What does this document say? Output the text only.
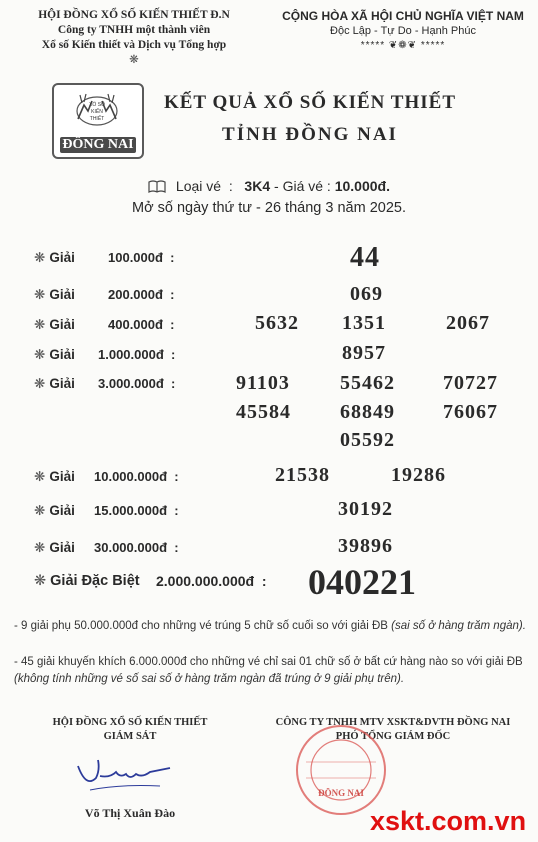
HỘI ĐỒNG XỔ SỐ KIẾN THIẾT Đ.N
Công ty TNHH một thành viên
Xổ số Kiến thiết và Dịch vụ Tổng hợp
❋
CỘNG HÒA XÃ HỘI CHỦ NGHĨA VIỆT NAM
Độc Lập - Tự Do - Hạnh Phúc
***** ❦❁❦ *****
XỔ SỐ
KIẾN
THIẾT
ĐỒNG NAI
KẾT QUẢ XỔ SỐ KIẾN THIẾT
TỈNH ĐỒNG NAI
Loại vé  :   3K4 - Giá vé : 10.000đ.
Mở số ngày thứ tư - 26 tháng 3 năm 2025.
❋ Giải	100.000đ  :	44
❋ Giải	200.000đ  :	069
❋ Giải	400.000đ  :	5632 1351	2067
❋ Giải 1.000.000đ  :	8957
❋ Giải 3.000.000đ  :	91103	55462 70727
45584 68849 76067
05592
❋ Giải 10.000.000đ  :	21538	19286
❋ Giải 15.000.000đ  :	30192
❋ Giải 30.000.000đ  :	39896
❋ Giải Đặc Biệt 2.000.000.000đ  : 040221
- 9 giải phụ 50.000.000đ cho những vé trúng 5 chữ số cuối so với giải ĐB (sai số ở hàng trăm ngàn).
- 45 giải khuyến khích 6.000.000đ cho những vé chỉ sai 01 chữ số ở bất cứ hàng nào so với giải ĐB (không tính những vé số sai số ở hàng trăm ngàn đã trúng ở 9 giải phụ trên).
HỘI ĐỒNG XỔ SỐ KIẾN THIẾT
GIÁM SÁT
Võ Thị Xuân Đào
CÔNG TY TNHH MTV XSKT&DVTH ĐỒNG NAI
PHÓ TỔNG GIÁM ĐỐC
ĐỒNG NAI
xskt.com.vn
